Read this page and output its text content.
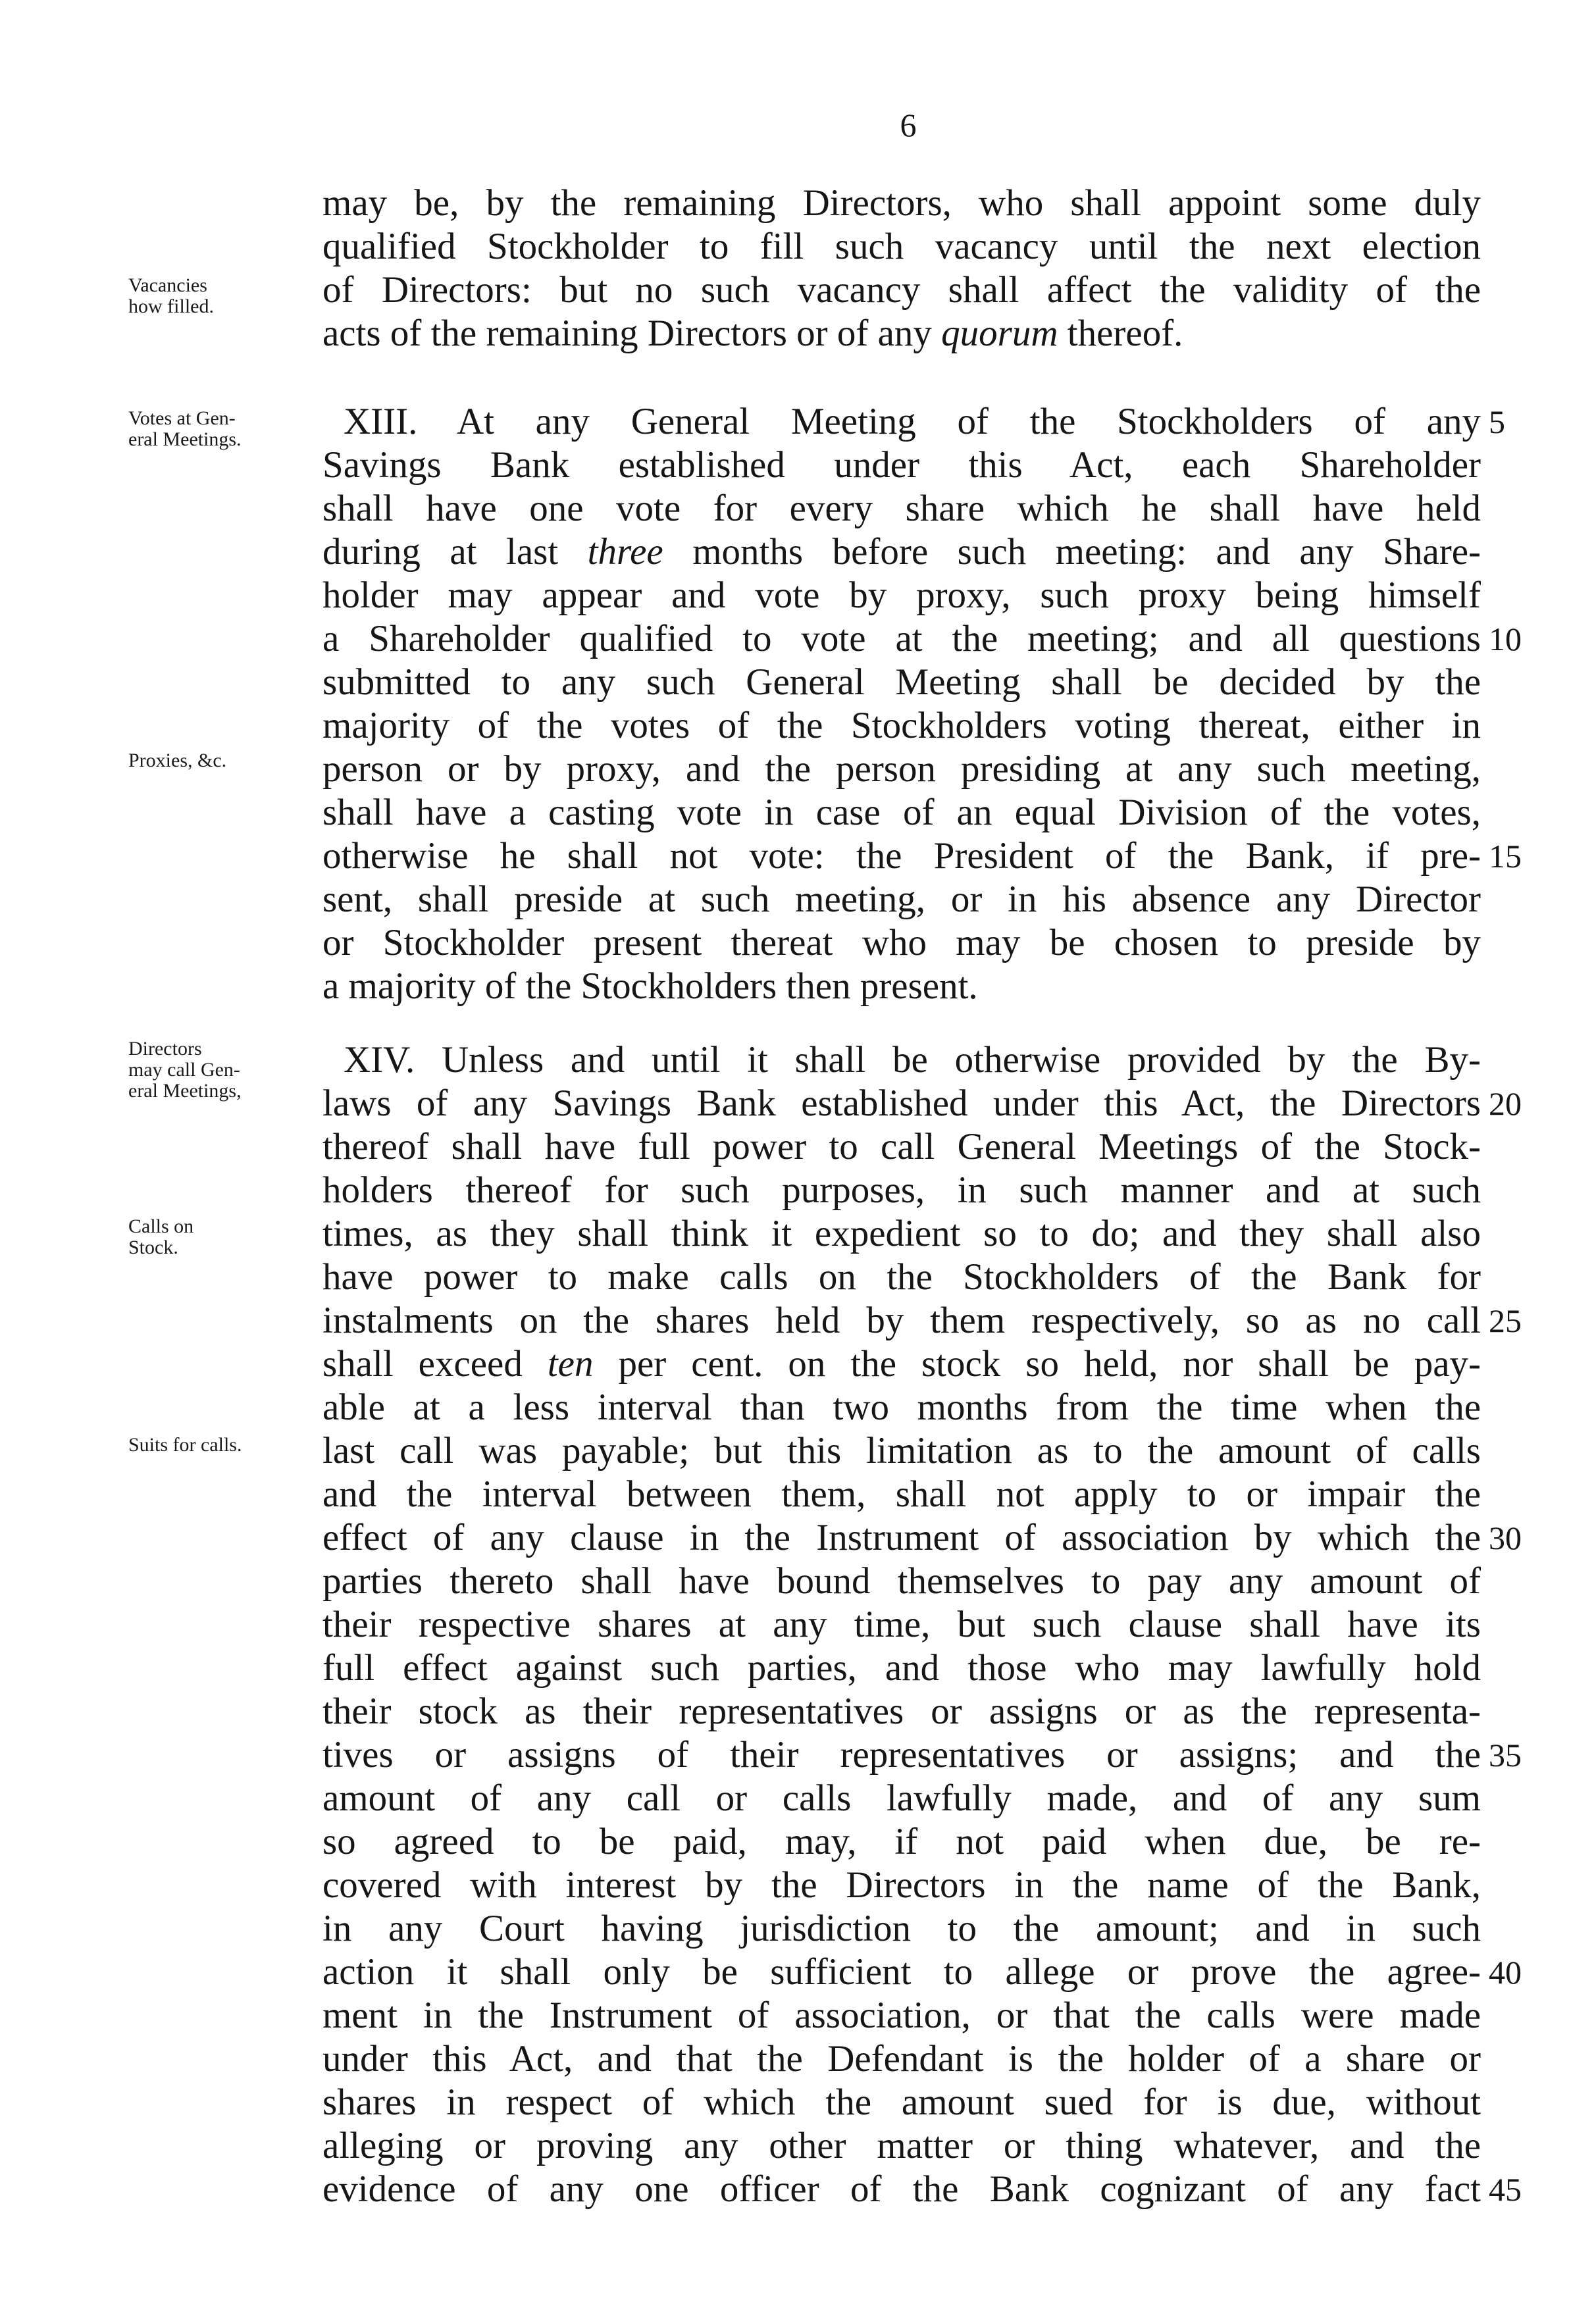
6
Vacancies
how filled.
Votes at Gen-
eral Meetings.
Proxies, &c.
Directors
may call Gen-
eral Meetings,
Calls on
Stock.
Suits for calls.
may be, by the remaining Directors, who shall appoint some duly
qualified Stockholder to fill such vacancy until the next election
of Directors: but no such vacancy shall affect the validity of the
acts of the remaining Directors or of any quorum thereof.
XIII. At any General Meeting of the Stockholders of any
Savings Bank established under this Act, each Shareholder
shall have one vote for every share which he shall have held
during at last three months before such meeting: and any Share-
holder may appear and vote by proxy, such proxy being himself
a Shareholder qualified to vote at the meeting; and all questions
submitted to any such General Meeting shall be decided by the
majority of the votes of the Stockholders voting thereat, either in
person or by proxy, and the person presiding at any such meeting,
shall have a casting vote in case of an equal Division of the votes,
otherwise he shall not vote: the President of the Bank, if pre-
sent, shall preside at such meeting, or in his absence any Director
or Stockholder present thereat who may be chosen to preside by
a majority of the Stockholders then present.
XIV. Unless and until it shall be otherwise provided by the By-
laws of any Savings Bank established under this Act, the Directors
thereof shall have full power to call General Meetings of the Stock-
holders thereof for such purposes, in such manner and at such
times, as they shall think it expedient so to do; and they shall also
have power to make calls on the Stockholders of the Bank for
instalments on the shares held by them respectively, so as no call
shall exceed ten per cent. on the stock so held, nor shall be pay-
able at a less interval than two months from the time when the
last call was payable; but this limitation as to the amount of calls
and the interval between them, shall not apply to or impair the
effect of any clause in the Instrument of association by which the
parties thereto shall have bound themselves to pay any amount of
their respective shares at any time, but such clause shall have its
full effect against such parties, and those who may lawfully hold
their stock as their representatives or assigns or as the representa-
tives or assigns of their representatives or assigns; and the
amount of any call or calls lawfully made, and of any sum
so agreed to be paid, may, if not paid when due, be re-
covered with interest by the Directors in the name of the Bank,
in any Court having jurisdiction to the amount; and in such
action it shall only be sufficient to allege or prove the agree-
ment in the Instrument of association, or that the calls were made
under this Act, and that the Defendant is the holder of a share or
shares in respect of which the amount sued for is due, without
alleging or proving any other matter or thing whatever, and the
evidence of any one officer of the Bank cognizant of any fact
5
10
15
20
25
30
35
40
45
